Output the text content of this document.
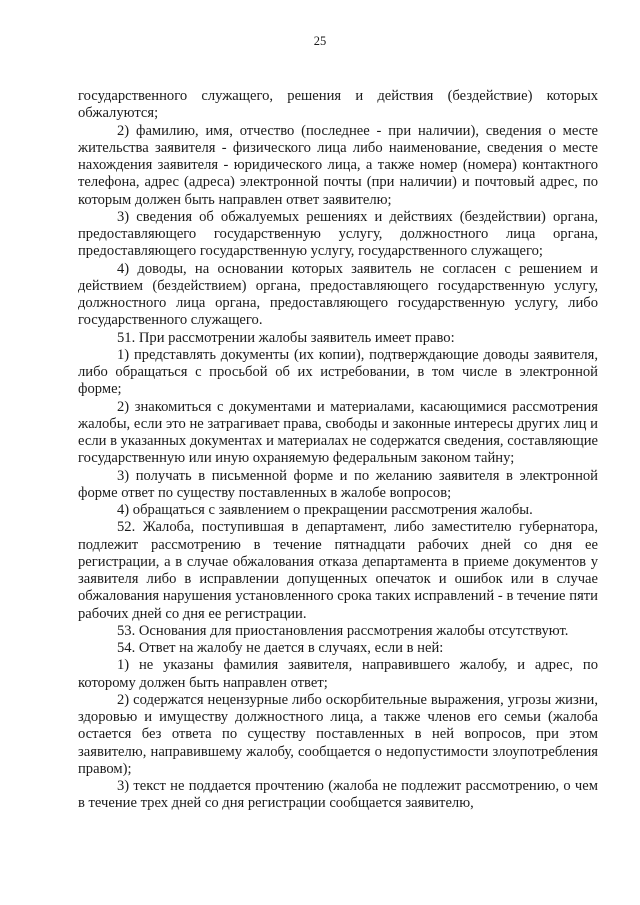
25

государственного служащего, решения и действия (бездействие) которых обжалуются;

2) фамилию, имя, отчество (последнее - при наличии), сведения о месте жительства заявителя - физического лица либо наименование, сведения о месте нахождения заявителя - юридического лица, а также номер (номера) контактного телефона, адрес (адреса) электронной почты (при наличии) и почтовый адрес, по которым должен быть направлен ответ заявителю;

3) сведения об обжалуемых решениях и действиях (бездействии) органа, предоставляющего государственную услугу, должностного лица органа, предоставляющего государственную услугу, государственного служащего;

4) доводы, на основании которых заявитель не согласен с решением и действием (бездействием) органа, предоставляющего государственную услугу, должностного лица органа, предоставляющего государственную услугу, либо государственного служащего.

51. При рассмотрении жалобы заявитель имеет право:

1) представлять документы (их копии), подтверждающие доводы заявителя, либо обращаться с просьбой об их истребовании, в том числе в электронной форме;

2) знакомиться с документами и материалами, касающимися рассмотрения жалобы, если это не затрагивает права, свободы и законные интересы других лиц и если в указанных документах и материалах не содержатся сведения, составляющие государственную или иную охраняемую федеральным законом тайну;

3) получать в письменной форме и по желанию заявителя в электронной форме ответ по существу поставленных в жалобе вопросов;

4) обращаться с заявлением о прекращении рассмотрения жалобы.

52. Жалоба, поступившая в департамент, либо заместителю губернатора, подлежит рассмотрению в течение пятнадцати рабочих дней со дня ее регистрации, а в случае обжалования отказа департамента в приеме документов у заявителя либо в исправлении допущенных опечаток и ошибок или в случае обжалования нарушения установленного срока таких исправлений - в течение пяти рабочих дней со дня ее регистрации.

53. Основания для приостановления рассмотрения жалобы отсутствуют.

54. Ответ на жалобу не дается в случаях, если в ней:

1) не указаны фамилия заявителя, направившего жалобу, и адрес, по которому должен быть направлен ответ;

2) содержатся нецензурные либо оскорбительные выражения, угрозы жизни, здоровью и имуществу должностного лица, а также членов его семьи (жалоба остается без ответа по существу поставленных в ней вопросов, при этом заявителю, направившему жалобу, сообщается о недопустимости злоупотребления правом);

3) текст не поддается прочтению (жалоба не подлежит рассмотрению, о чем в течение трех дней со дня регистрации сообщается заявителю,
